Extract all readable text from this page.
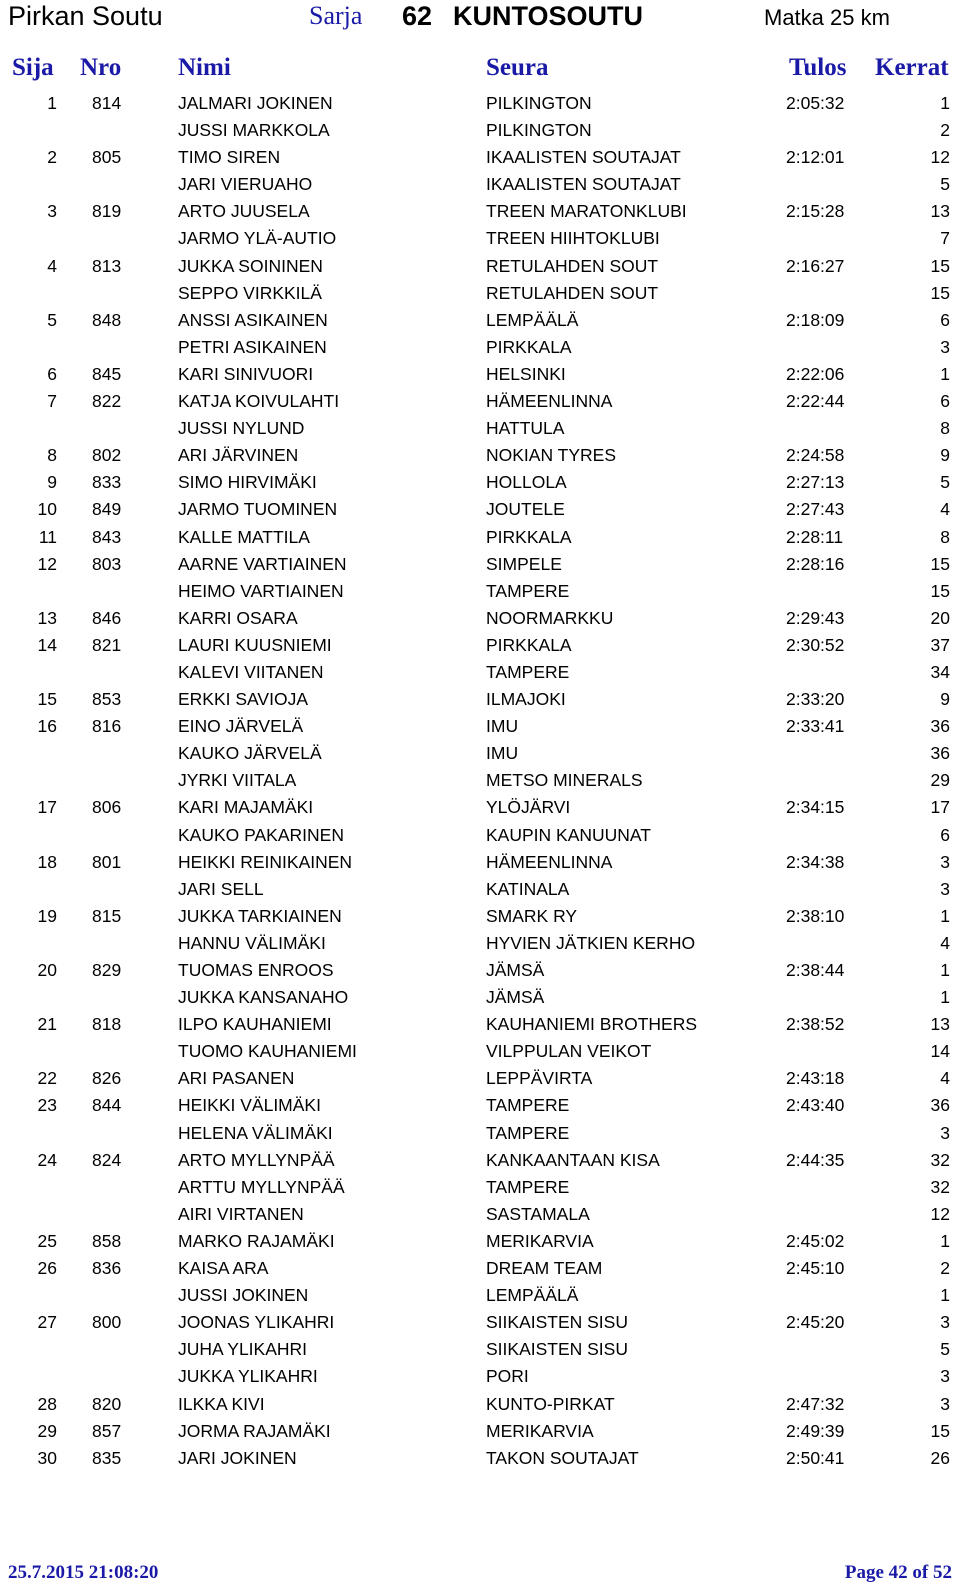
Pirkan Soutu	Sarja 62 KUNTOSOUTU	Matka 25 km
Sija Nro Nimi	Seura	Tulos Kerrat
1 814	JALMARI JOKINEN	PILKINGTON	2:05:32	1
JUSSI MARKKOLA	PILKINGTON	2
2 805	TIMO SIREN	IKAALISTEN SOUTAJAT	2:12:01	12
JARI VIERUAHO	IKAALISTEN SOUTAJAT	5
3 819	ARTO JUUSELA	TREEN MARATONKLUBI	2:15:28	13
JARMO YLÄ-AUTIO	TREEN HIIHTOKLUBI	7
4 813	JUKKA SOININEN	RETULAHDEN SOUT	2:16:27	15
SEPPO VIRKKILÄ	RETULAHDEN SOUT	15
5 848	ANSSI ASIKAINEN	LEMPÄÄLÄ	2:18:09	6
PETRI ASIKAINEN	PIRKKALA	3
6 845	KARI SINIVUORI	HELSINKI	2:22:06	1
7 822	KATJA KOIVULAHTI	HÄMEENLINNA	2:22:44	6
JUSSI NYLUND	HATTULA	8
8 802	ARI JÄRVINEN	NOKIAN TYRES	2:24:58	9
9 833	SIMO HIRVIMÄKI	HOLLOLA	2:27:13	5
10 849	JARMO TUOMINEN	JOUTELE	2:27:43	4
11 843	KALLE MATTILA	PIRKKALA	2:28:11	8
12 803	AARNE VARTIAINEN	SIMPELE	2:28:16	15
HEIMO VARTIAINEN	TAMPERE	15
13 846	KARRI OSARA	NOORMARKKU	2:29:43	20
14 821	LAURI KUUSNIEMI	PIRKKALA	2:30:52	37
KALEVI VIITANEN	TAMPERE	34
15 853	ERKKI SAVIOJA	ILMAJOKI	2:33:20	9
16 816	EINO JÄRVELÄ	IMU	2:33:41	36
KAUKO JÄRVELÄ	IMU	36
JYRKI VIITALA	METSO MINERALS	29
17 806	KARI MAJAMÄKI	YLÖJÄRVI	2:34:15	17
KAUKO PAKARINEN	KAUPIN KANUUNAT	6
18 801	HEIKKI REINIKAINEN	HÄMEENLINNA	2:34:38	3
JARI SELL	KATINALA	3
19 815	JUKKA TARKIAINEN	SMARK RY	2:38:10	1
HANNU VÄLIMÄKI	HYVIEN JÄTKIEN KERHO	4
20 829	TUOMAS ENROOS	JÄMSÄ	2:38:44	1
JUKKA KANSANAHO	JÄMSÄ	1
21 818	ILPO KAUHANIEMI	KAUHANIEMI BROTHERS	2:38:52	13
TUOMO KAUHANIEMI	VILPPULAN VEIKOT	14
22 826	ARI PASANEN	LEPPÄVIRTA	2:43:18	4
23 844	HEIKKI VÄLIMÄKI	TAMPERE	2:43:40	36
HELENA VÄLIMÄKI	TAMPERE	3
24 824	ARTO MYLLYNPÄÄ	KANKAANTAAN KISA	2:44:35	32
ARTTU MYLLYNPÄÄ	TAMPERE	32
AIRI VIRTANEN	SASTAMALA	12
25 858	MARKO RAJAMÄKI	MERIKARVIA	2:45:02	1
26 836	KAISA ARA	DREAM TEAM	2:45:10	2
JUSSI JOKINEN	LEMPÄÄLÄ	1
27 800	JOONAS YLIKAHRI	SIIKAISTEN SISU	2:45:20	3
JUHA YLIKAHRI	SIIKAISTEN SISU	5
JUKKA YLIKAHRI	PORI	3
28 820	ILKKA KIVI	KUNTO-PIRKAT	2:47:32	3
29 857	JORMA RAJAMÄKI	MERIKARVIA	2:49:39	15
30 835	JARI JOKINEN	TAKON SOUTAJAT	2:50:41	26
25.7.2015 21:08:20	Page 42 of 52
